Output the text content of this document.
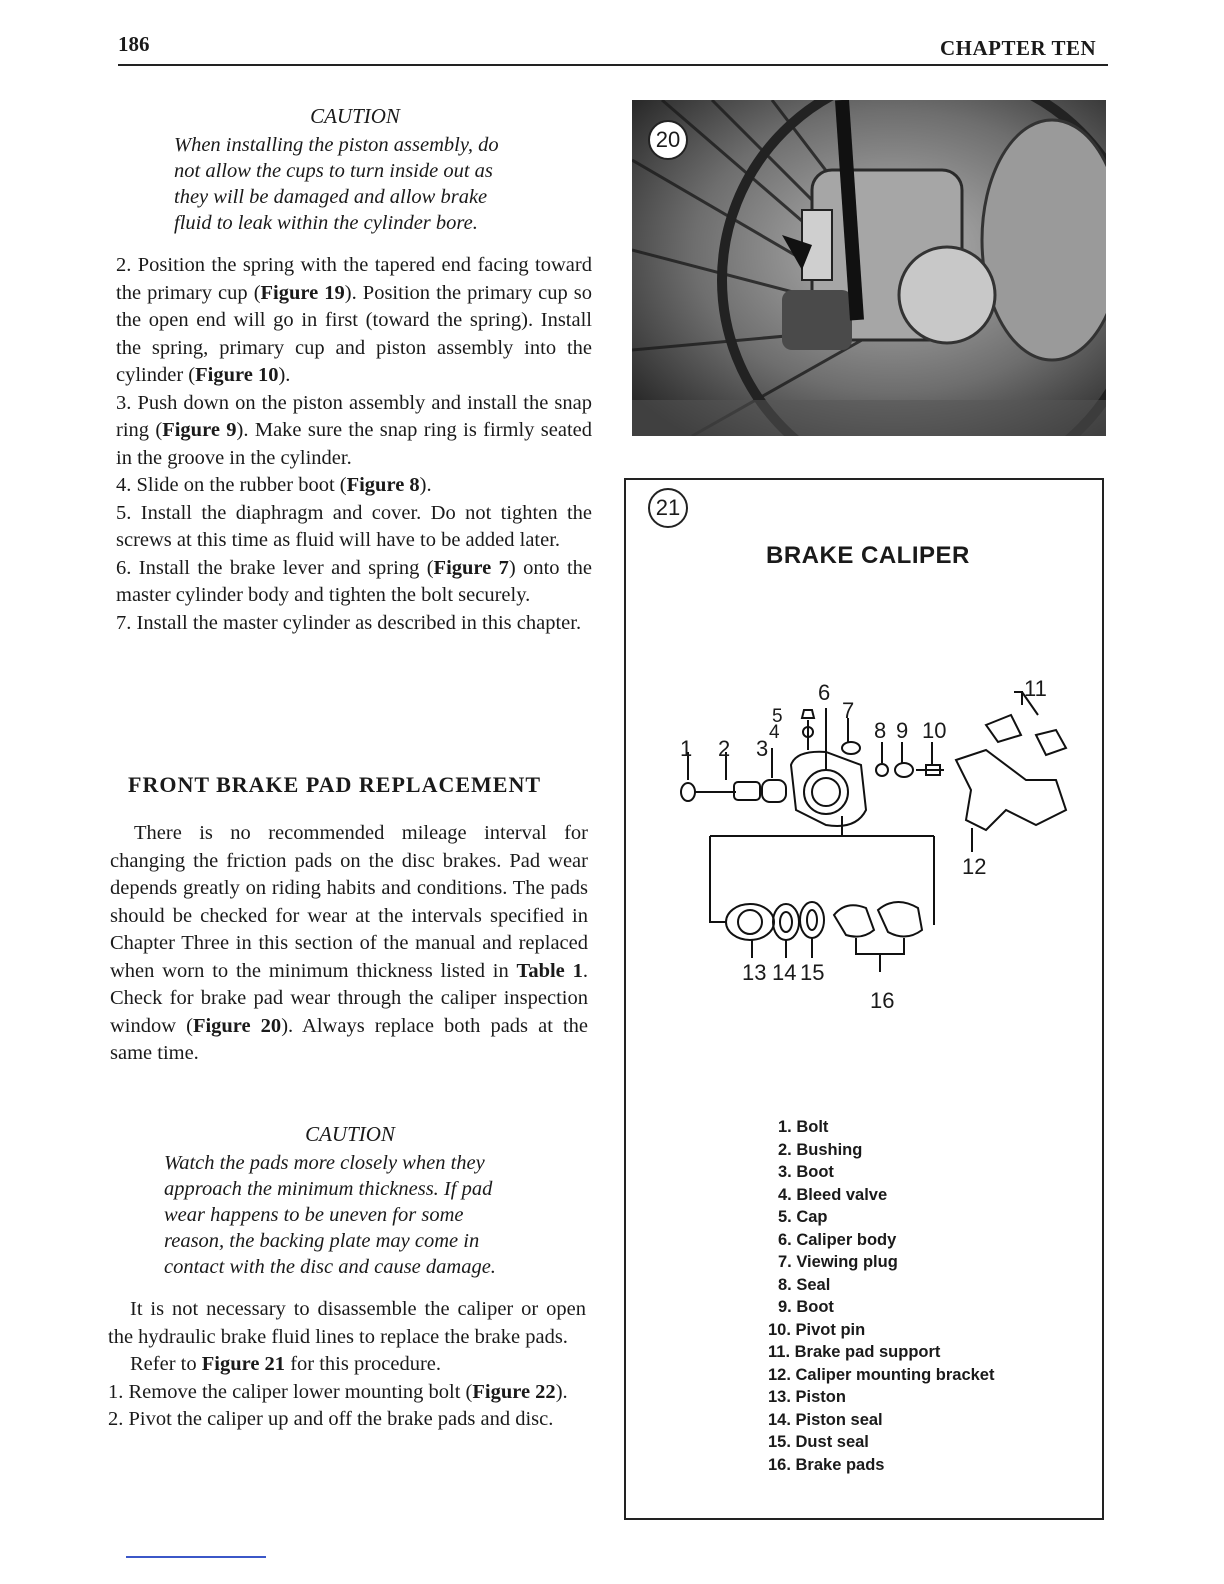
186	CHAPTER TEN
CAUTION
When installing the piston assembly, do
not allow the cups to turn inside out as
they will be damaged and allow brake
fluid to leak within the cylinder bore.
2. Position the spring with the tapered end facing toward the primary cup (Figure 19). Position the primary cup so the open end will go in first (toward the spring). Install the spring, primary cup and piston assembly into the cylinder (Figure 10).
3. Push down on the piston assembly and install the snap ring (Figure 9). Make sure the snap ring is firmly seated in the groove in the cylinder.
4. Slide on the rubber boot (Figure 8).
5. Install the diaphragm and cover. Do not tighten the screws at this time as fluid will have to be added later.
6. Install the brake lever and spring (Figure 7) onto the master cylinder body and tighten the bolt securely.
7. Install the master cylinder as described in this chapter.
FRONT BRAKE PAD REPLACEMENT
There is no recommended mileage interval for changing the friction pads on the disc brakes. Pad wear depends greatly on riding habits and conditions. The pads should be checked for wear at the intervals specified in Chapter Three in this section of the manual and replaced when worn to the minimum thickness listed in Table 1. Check for brake pad wear through the caliper inspection window (Figure 20). Always replace both pads at the same time.
CAUTION
Watch the pads more closely when they
approach the minimum thickness. If pad
wear happens to be uneven for some
reason, the backing plate may come in
contact with the disc and cause damage.
It is not necessary to disassemble the caliper or open the hydraulic brake fluid lines to replace the brake pads.
Refer to Figure 21 for this procedure.
1. Remove the caliper lower mounting bolt (Figure 22).
2. Pivot the caliper up and off the brake pads and disc.
20
21
BRAKE CALIPER
1 2 3
4
5
6
7
8 9 10
11
12
13 14 15
16
1. Bolt
2. Bushing
3. Boot
4. Bleed valve
5. Cap
6. Caliper body
7. Viewing plug
8. Seal
9. Boot
10. Pivot pin
11. Brake pad support
12. Caliper mounting bracket
13. Piston
14. Piston seal
15. Dust seal
16. Brake pads
